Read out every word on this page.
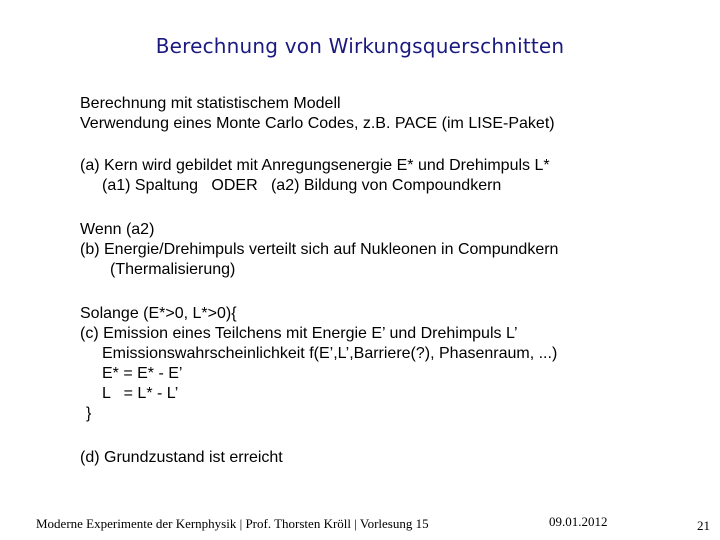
Berechnung von Wirkungsquerschnitten
Berechnung mit statistischem Modell
Verwendung eines Monte Carlo Codes, z.B. PACE (im LISE-Paket)
(a) Kern wird gebildet mit Anregungsenergie E* und Drehimpuls L*
(a1) Spaltung   ODER   (a2) Bildung von Compoundkern
Wenn (a2)
(b) Energie/Drehimpuls verteilt sich auf Nukleonen in Compundkern
(Thermalisierung)
Solange (E*>0, L*>0){
(c) Emission eines Teilchens mit Energie E’ und Drehimpuls L’
Emissionswahrscheinlichkeit f(E’,L’,Barriere(?), Phasenraum, ...)
E* = E* - E’
L   = L* - L’
}
(d) Grundzustand ist erreicht
Moderne Experimente der Kernphysik | Prof. Thorsten Kröll | Vorlesung 15	09.01.2012	21
